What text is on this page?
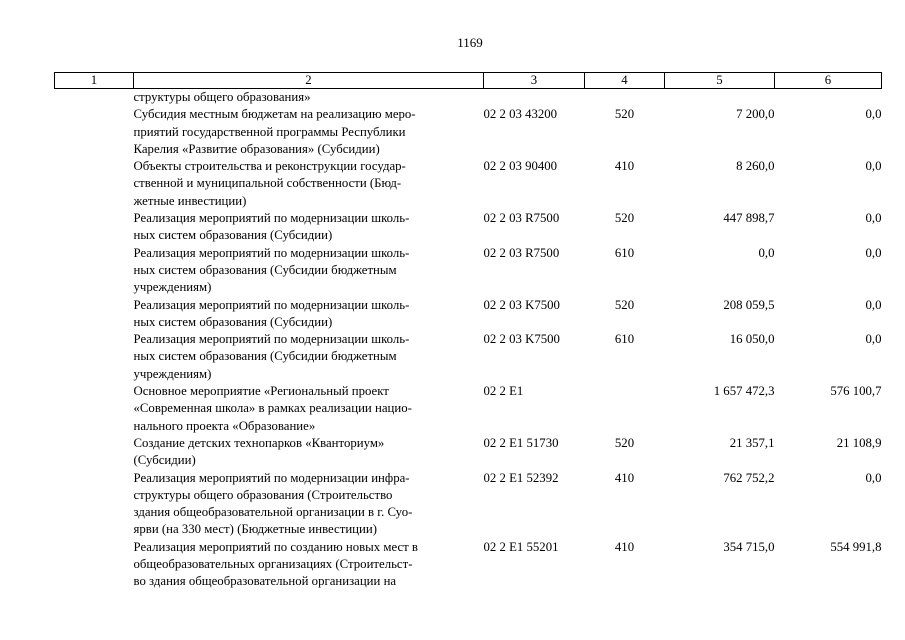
1169
1	2	3	4	5	6

	структуры общего образования»				

	Субсидия местным бюджетам на реализацию меро-
приятий государственной программы Республики
Карелия «Развитие образования» (Субсидии)	02 2 03 43200	520	7 200,0	0,0

	Объекты строительства и реконструкции государ-
ственной и муниципальной собственности (Бюд-
жетные инвестиции)	02 2 03 90400	410	8 260,0	0,0

	Реализация мероприятий по модернизации школь-
ных систем образования (Субсидии)	02 2 03 R7500	520	447 898,7	0,0

	Реализация мероприятий по модернизации школь-
ных систем образования (Субсидии бюджетным
учреждениям)	02 2 03 R7500	610	0,0	0,0

	Реализация мероприятий по модернизации школь-
ных систем образования (Субсидии)	02 2 03 K7500	520	208 059,5	0,0

	Реализация мероприятий по модернизации школь-
ных систем образования (Субсидии бюджетным
учреждениям)	02 2 03 K7500	610	16 050,0	0,0

	Основное мероприятие «Региональный проект
«Современная школа» в рамках реализации нацио-
нального проекта «Образование»	02 2 E1		1 657 472,3	576 100,7

	Создание детских технопарков «Кванториум»
(Субсидии)	02 2 E1 51730	520	21 357,1	21 108,9

	Реализация мероприятий по модернизации инфра-
структуры общего образования (Строительство
здания общеобразовательной организации в г. Суо-
ярви (на 330 мест) (Бюджетные инвестиции)	02 2 E1 52392	410	762 752,2	0,0

	Реализация мероприятий по созданию новых мест в
общеобразовательных организациях (Строительст-
во здания общеобразовательной организации на	02 2 E1 55201	410	354 715,0	554 991,8
